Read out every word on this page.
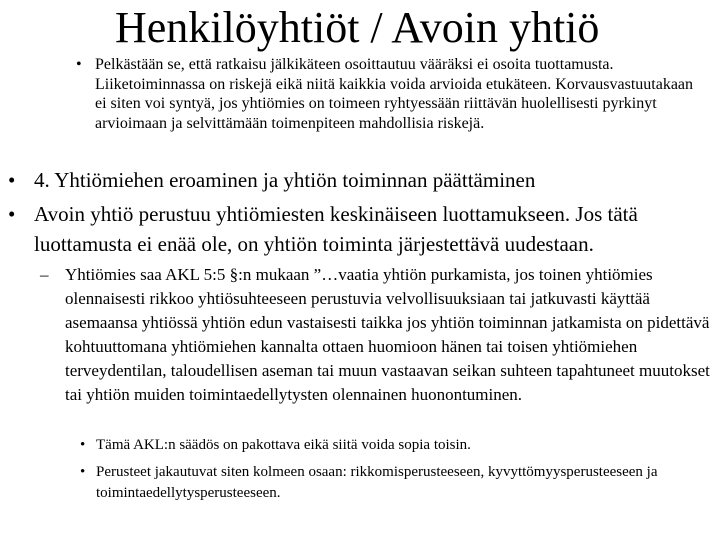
Henkilöyhtiöt / Avoin yhtiö
• Pelkästään se, että ratkaisu jälkikäteen osoittautuu vääräksi ei osoita tuottamusta. Liiketoiminnassa on riskejä eikä niitä kaikkia voida arvioida etukäteen. Korvausvastuutakaan ei siten voi syntyä, jos yhtiömies on toimeen ryhtyessään riittävän huolellisesti pyrkinyt arvioimaan ja selvittämään toimenpiteen mahdollisia riskejä.
• 4. Yhtiömiehen eroaminen ja yhtiön toiminnan päättäminen
• Avoin yhtiö perustuu yhtiömiesten keskinäiseen luottamukseen. Jos tätä luottamusta ei enää ole, on yhtiön toiminta järjestettävä uudestaan.
– Yhtiömies saa AKL 5:5 §:n mukaan ”…vaatia yhtiön purkamista, jos toinen yhtiömies olennaisesti rikkoo yhtiösuhteeseen perustuvia velvollisuuksiaan tai jatkuvasti käyttää asemaansa yhtiössä yhtiön edun vastaisesti taikka jos yhtiön toiminnan jatkamista on pidettävä kohtuuttomana yhtiömiehen kannalta ottaen huomioon hänen tai toisen yhtiömiehen terveydentilan, taloudellisen aseman tai muun vastaavan seikan suhteen tapahtuneet muutokset tai yhtiön muiden toimintaedellytysten olennainen huonontuminen.
• Tämä AKL:n säädös on pakottava eikä siitä voida sopia toisin.
• Perusteet jakautuvat siten kolmeen osaan: rikkomisperusteeseen, kyvyttömyysperusteeseen ja toimintaedellytysperusteeseen.
